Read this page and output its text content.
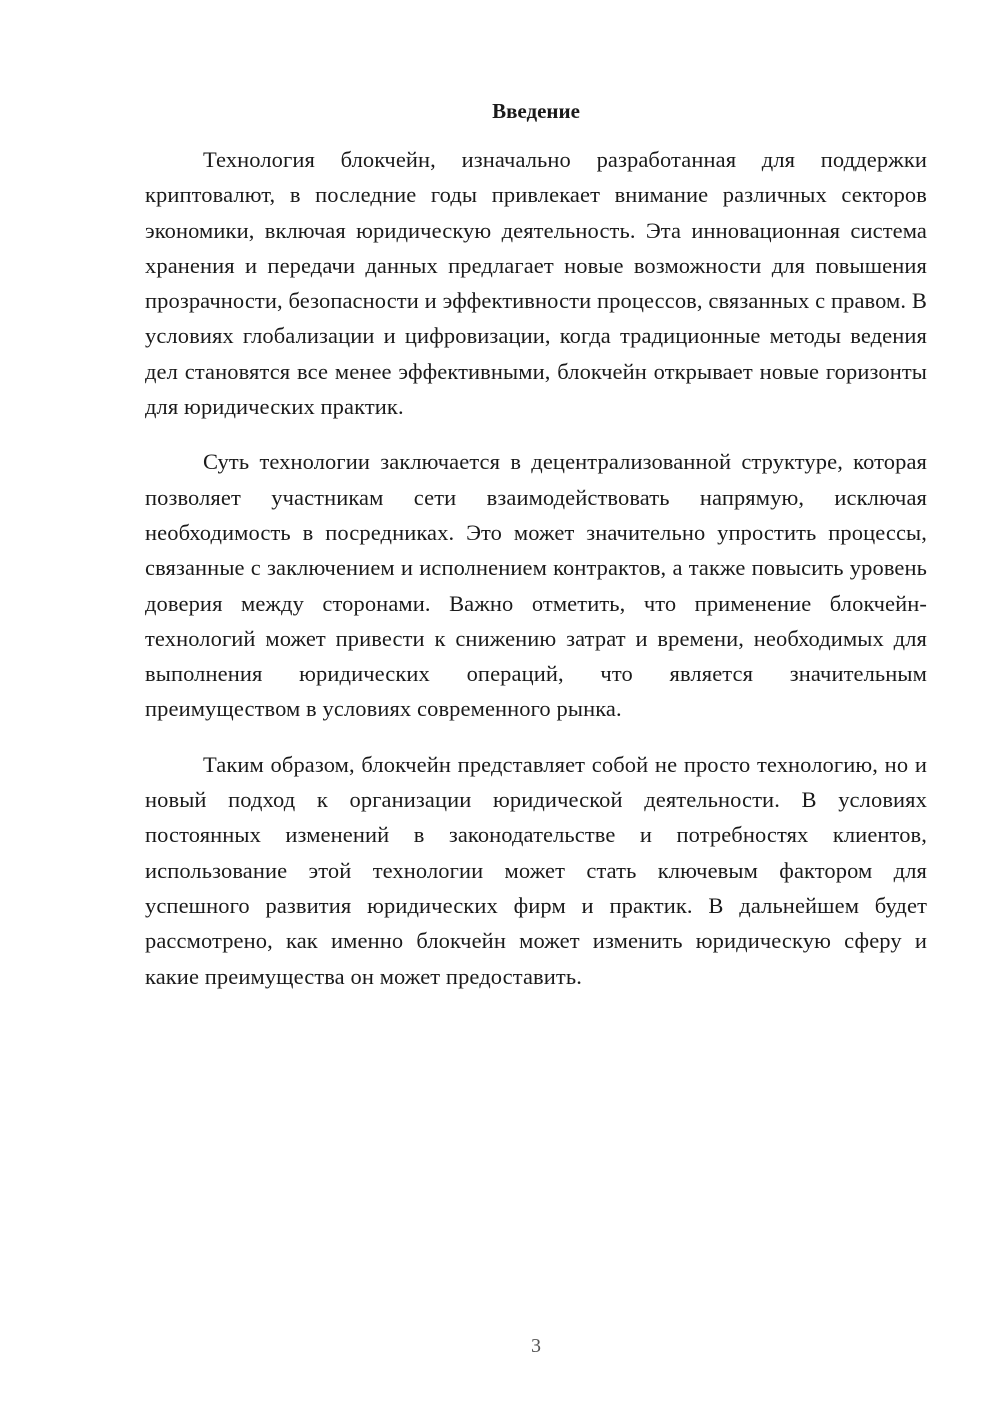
Введение

Технология блокчейн, изначально разработанная для поддержки криптовалют, в последние годы привлекает внимание различных секторов экономики, включая юридическую деятельность. Эта инновационная система хранения и передачи данных предлагает новые возможности для повышения прозрачности, безопасности и эффективности процессов, связанных с правом. В условиях глобализации и цифровизации, когда традиционные методы ведения дел становятся все менее эффективными, блокчейн открывает новые горизонты для юридических практик.

Суть технологии заключается в децентрализованной структуре, которая позволяет участникам сети взаимодействовать напрямую, исключая необходимость в посредниках. Это может значительно упростить процессы, связанные с заключением и исполнением контрактов, а также повысить уровень доверия между сторонами. Важно отметить, что применение блокчейн-технологий может привести к снижению затрат и времени, необходимых для выполнения юридических операций, что является значительным преимуществом в условиях современного рынка.

Таким образом, блокчейн представляет собой не просто технологию, но и новый подход к организации юридической деятельности. В условиях постоянных изменений в законодательстве и потребностях клиентов, использование этой технологии может стать ключевым фактором для успешного развития юридических фирм и практик. В дальнейшем будет рассмотрено, как именно блокчейн может изменить юридическую сферу и какие преимущества он может предоставить.

3
